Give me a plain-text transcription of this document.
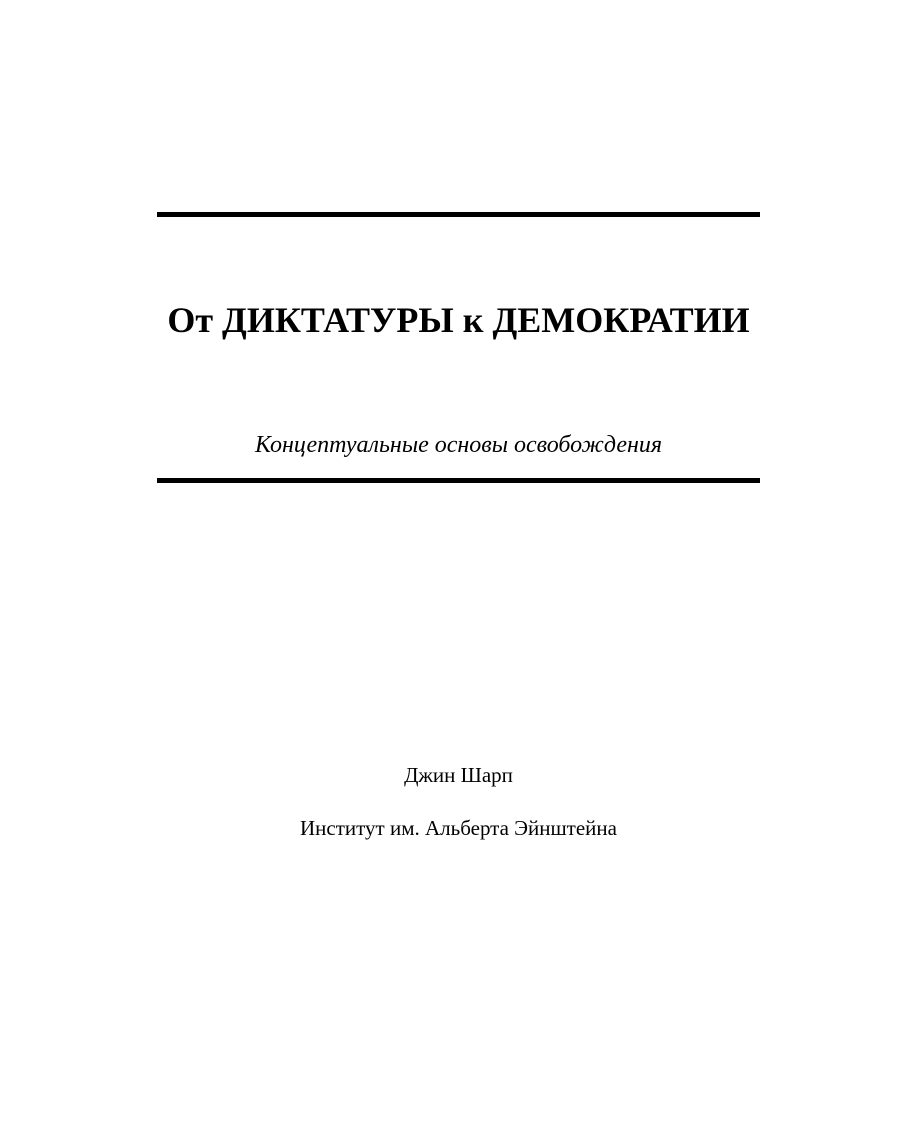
От ДИКТАТУРЫ к ДЕМОКРАТИИ
Концептуальные основы освобождения
Джин Шарп
Институт им. Альберта Эйнштейна
